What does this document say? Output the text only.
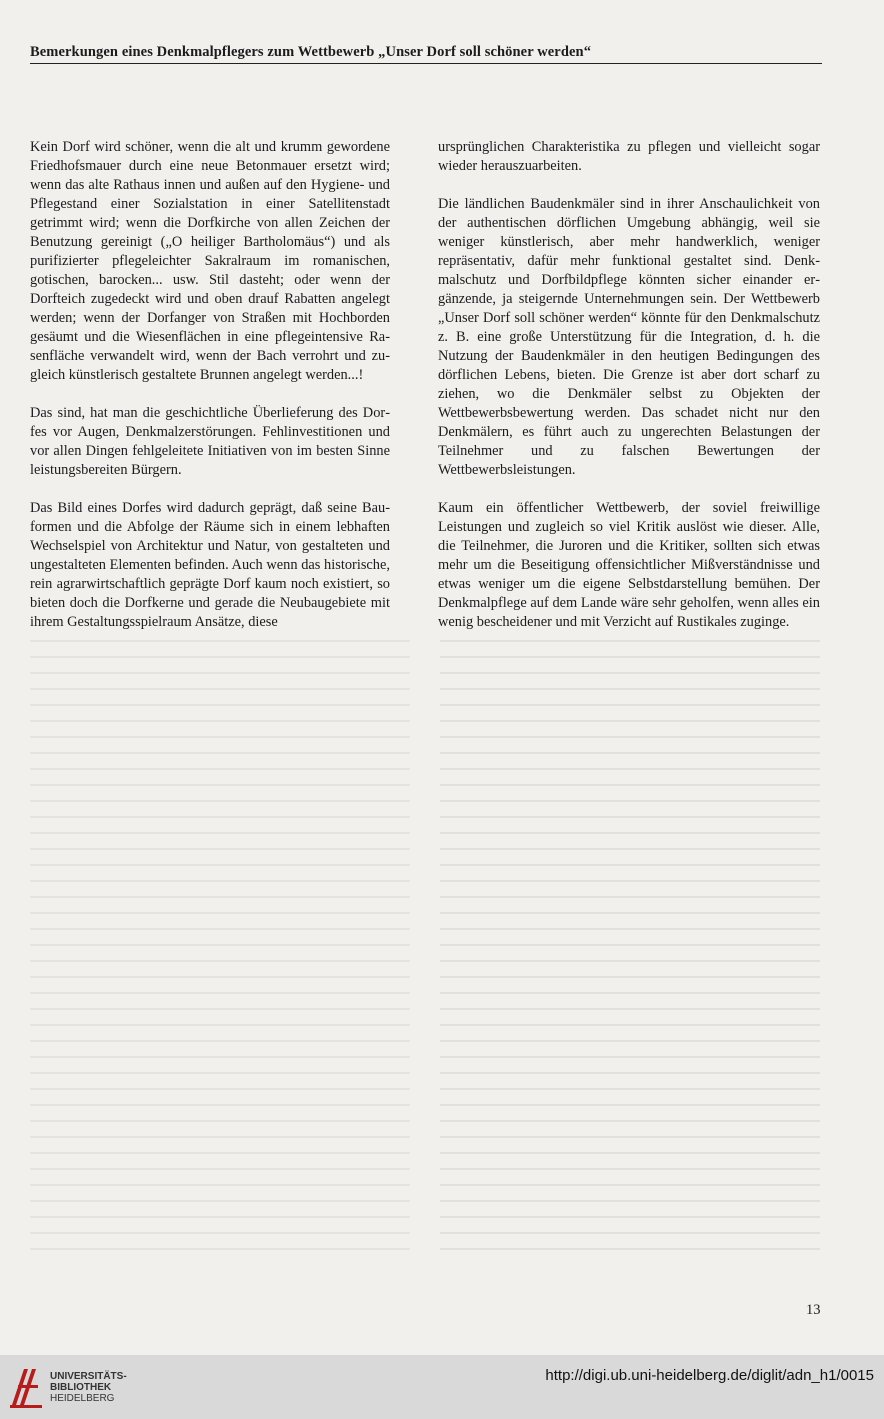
Bemerkungen eines Denkmalpflegers zum Wettbewerb „Unser Dorf soll schöner werden“

Kein Dorf wird schöner, wenn die alt und krumm gewordene Friedhofsmauer durch eine neue Betonmauer ersetzt wird; wenn das alte Rathaus innen und außen auf den Hygiene- und Pflegestand einer Sozialstation in einer Satellitenstadt getrimmt wird; wenn die Dorfkirche von allen Zeichen der Benutzung gereinigt („O heiliger Bartholomäus“) und als purifizierter pflegeleichter Sakralraum im romanischen, gotischen, barocken... usw. Stil dasteht; oder wenn der Dorfteich zugedeckt wird und oben drauf Rabatten angelegt werden; wenn der Dorfanger von Straßen mit Hochborden gesäumt und die Wiesenflächen in eine pflegeintensive Rasenfläche verwandelt wird, wenn der Bach verrohrt und zugleich künstlerisch gestaltete Brunnen angelegt werden...!

Das sind, hat man die geschichtliche Überlieferung des Dorfes vor Augen, Denkmalzerstörungen. Fehlinvestitionen und vor allen Dingen fehlgeleitete Initiativen von im besten Sinne leistungsbereiten Bürgern.

Das Bild eines Dorfes wird dadurch geprägt, daß seine Bauformen und die Abfolge der Räume sich in einem lebhaften Wechselspiel von Architektur und Natur, von gestalteten und ungestalteten Elementen befinden. Auch wenn das historische, rein agrarwirtschaftlich geprägte Dorf kaum noch existiert, so bieten doch die Dorfkerne und gerade die Neubaugebiete mit ihrem Gestaltungsspielraum Ansätze, diese

ursprünglichen Charakteristika zu pflegen und vielleicht sogar wieder herauszuarbeiten.

Die ländlichen Baudenkmäler sind in ihrer Anschaulichkeit von der authentischen dörflichen Umgebung abhängig, weil sie weniger künstlerisch, aber mehr handwerklich, weniger repräsentativ, dafür mehr funktional gestaltet sind. Denkmalschutz und Dorfbildpflege könnten sicher einander ergänzende, ja steigernde Unternehmungen sein. Der Wettbewerb „Unser Dorf soll schöner werden“ könnte für den Denkmalschutz z. B. eine große Unterstützung für die Integration, d. h. die Nutzung der Baudenkmäler in den heutigen Bedingungen des dörflichen Lebens, bieten. Die Grenze ist aber dort scharf zu ziehen, wo die Denkmäler selbst zu Objekten der Wettbewerbsbewertung werden. Das schadet nicht nur den Denkmälern, es führt auch zu ungerechten Belastungen der Teilnehmer und zu falschen Bewertungen der Wettbewerbsleistungen.

Kaum ein öffentlicher Wettbewerb, der soviel freiwillige Leistungen und zugleich so viel Kritik auslöst wie dieser. Alle, die Teilnehmer, die Juroren und die Kritiker, sollten sich etwas mehr um die Beseitigung offensichtlicher Mißverständnisse und etwas weniger um die eigene Selbstdarstellung bemühen. Der Denkmalpflege auf dem Lande wäre sehr geholfen, wenn alles ein wenig bescheidener und mit Verzicht auf Rustikales zuginge.

13
UNIVERSITÄTS-
BIBLIOTHEK
HEIDELBERG
http://digi.ub.uni-heidelberg.de/diglit/adn_h1/0015
